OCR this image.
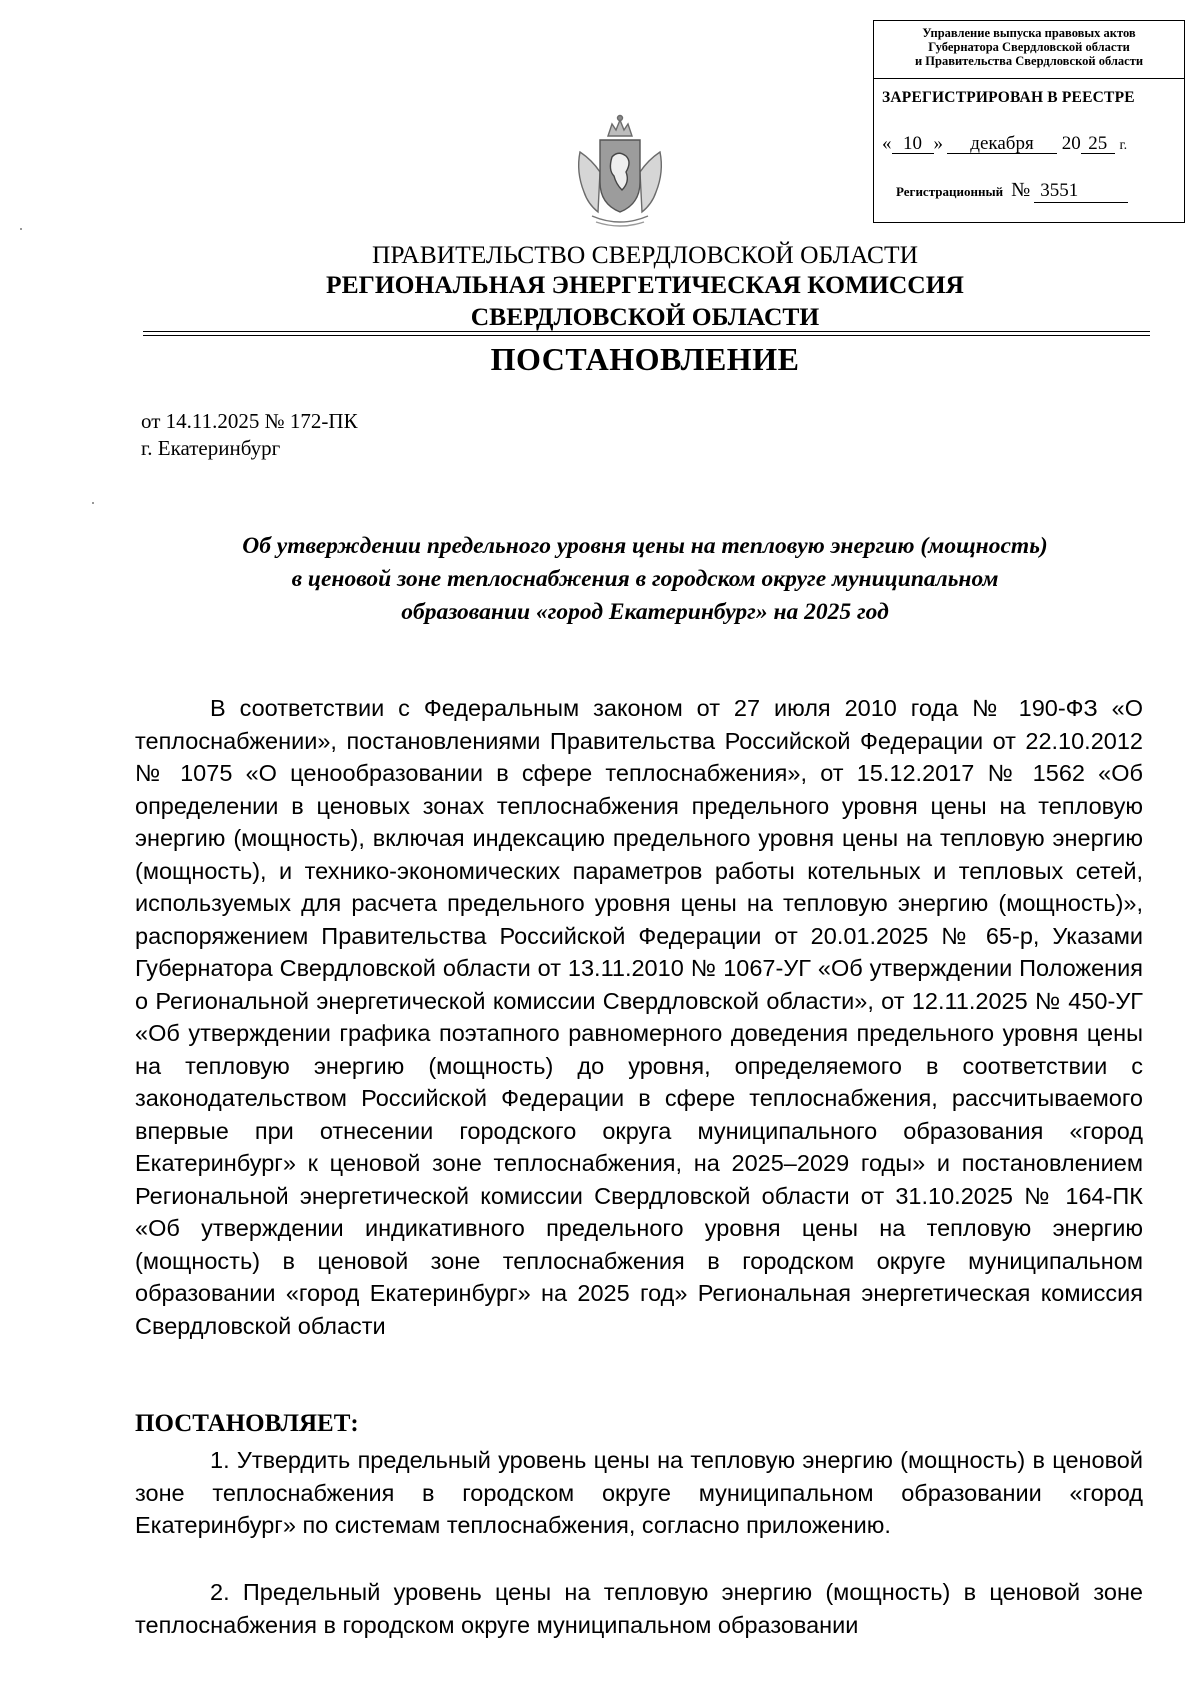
Управление выпуска правовых актов
Губернатора Свердловской области
и Правительства Свердловской области
ЗАРЕГИСТРИРОВАН В РЕЕСТРЕ
« 10 » декабря 20 25 г.
Регистрационный № 3551
ПРАВИТЕЛЬСТВО СВЕРДЛОВСКОЙ ОБЛАСТИ
РЕГИОНАЛЬНАЯ ЭНЕРГЕТИЧЕСКАЯ КОМИССИЯ
СВЕРДЛОВСКОЙ ОБЛАСТИ
ПОСТАНОВЛЕНИЕ
от 14.11.2025 № 172-ПК
г. Екатеринбург
Об утверждении предельного уровня цены на тепловую энергию (мощность)
в ценовой зоне теплоснабжения в городском округе муниципальном
образовании «город Екатеринбург» на 2025 год
В соответствии с Федеральным законом от 27 июля 2010 года № 190-ФЗ «О теплоснабжении», постановлениями Правительства Российской Федерации от 22.10.2012 № 1075 «О ценообразовании в сфере теплоснабжения», от 15.12.2017 № 1562 «Об определении в ценовых зонах теплоснабжения предельного уровня цены на тепловую энергию (мощность), включая индексацию предельного уровня цены на тепловую энергию (мощность), и технико-экономических параметров работы котельных и тепловых сетей, используемых для расчета предельного уровня цены на тепловую энергию (мощность)», распоряжением Правительства Российской Федерации от 20.01.2025 № 65-р, Указами Губернатора Свердловской области от 13.11.2010 № 1067-УГ «Об утверждении Положения о Региональной энергетической комиссии Свердловской области», от 12.11.2025 № 450-УГ «Об утверждении графика поэтапного равномерного доведения предельного уровня цены на тепловую энергию (мощность) до уровня, определяемого в соответствии с законодательством Российской Федерации в сфере теплоснабжения, рассчитываемого впервые при отнесении городского округа муниципального образования «город Екатеринбург» к ценовой зоне теплоснабжения, на 2025–2029 годы» и постановлением Региональной энергетической комиссии Свердловской области от 31.10.2025 № 164-ПК «Об утверждении индикативного предельного уровня цены на тепловую энергию (мощность) в ценовой зоне теплоснабжения в городском округе муниципальном образовании «город Екатеринбург» на 2025 год» Региональная энергетическая комиссия Свердловской области
ПОСТАНОВЛЯЕТ:
1. Утвердить предельный уровень цены на тепловую энергию (мощность) в ценовой зоне теплоснабжения в городском округе муниципальном образовании «город Екатеринбург» по системам теплоснабжения, согласно приложению.
2. Предельный уровень цены на тепловую энергию (мощность) в ценовой зоне теплоснабжения в городском округе муниципальном образовании
